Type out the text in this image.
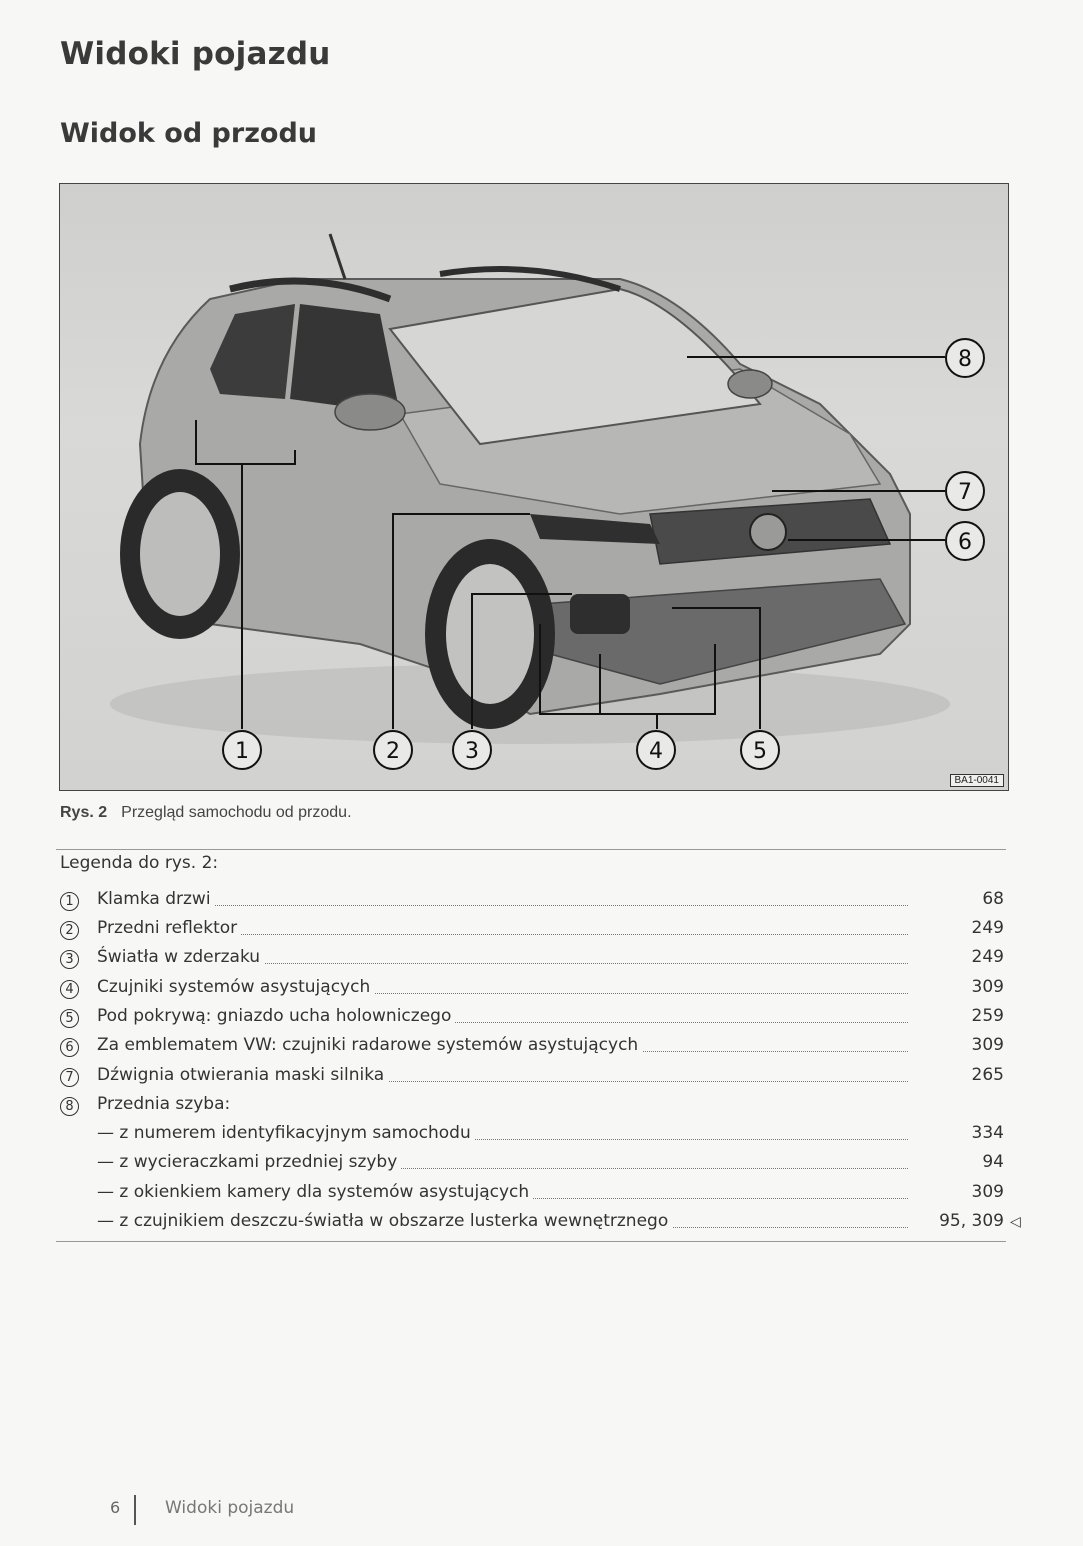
Widoki pojazdu
Widok od przodu
1	2	3	4	5
6
7
8
BA1-0041
Rys. 2 Przegląd samochodu od przodu.
Legenda do rys. 2:
1	Klamka drzwi	68
2	Przedni reflektor	249
3	Światła w zderzaku	249
4	Czujniki systemów asystujących	309
5	Pod pokrywą: gniazdo ucha holowniczego	259
6	Za emblematem VW: czujniki radarowe systemów asystujących	309
7	Dźwignia otwierania maski silnika	265
8	Przednia szyba:
— z numerem identyfikacyjnym samochodu	334
— z wycieraczkami przedniej szyby	94
— z okienkiem kamery dla systemów asystujących	309
— z czujnikiem deszczu-światła w obszarze lusterka wewnętrznego	95, 309 ◁
6	Widoki pojazdu
